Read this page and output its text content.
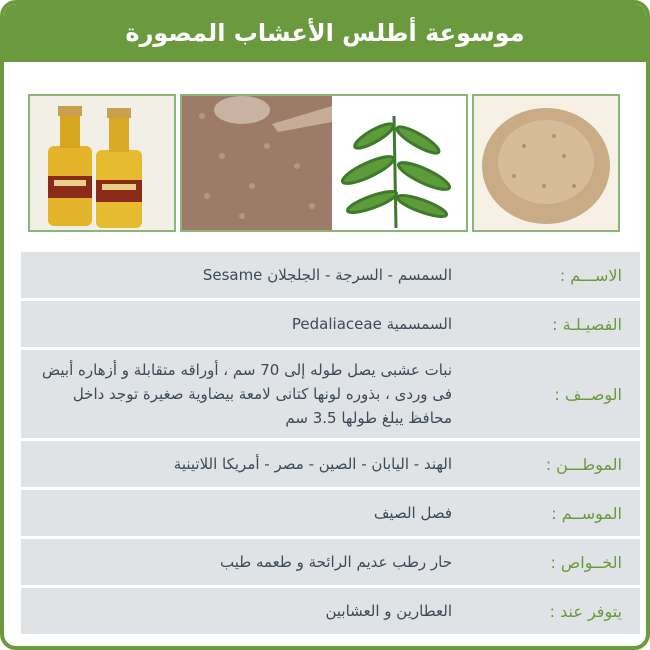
موسوعة أطلس الأعشاب المصورة
الاســـم :
السمسم - السرجة - الجلجلان Sesame
الفصيـلـة :
السمسمية Pedaliaceae
الوصــف :
نبات عشبى يصل طوله إلى 70 سم ، أوراقه متقابلة و أزهاره أبيض فى وردى ، بذوره لونها كتانى لامعة بيضاوية صغيرة توجد داخل محافظ يبلغ طولها 3.5 سم
الموطـــن :
الهند - اليابان - الصين - مصر - أمريكا اللاتينية
الموســم :
فصل الصيف
الخــواص :
حار رطب عديم الرائحة و طعمه طيب
يتوفر عند :
العطارين و العشابين
